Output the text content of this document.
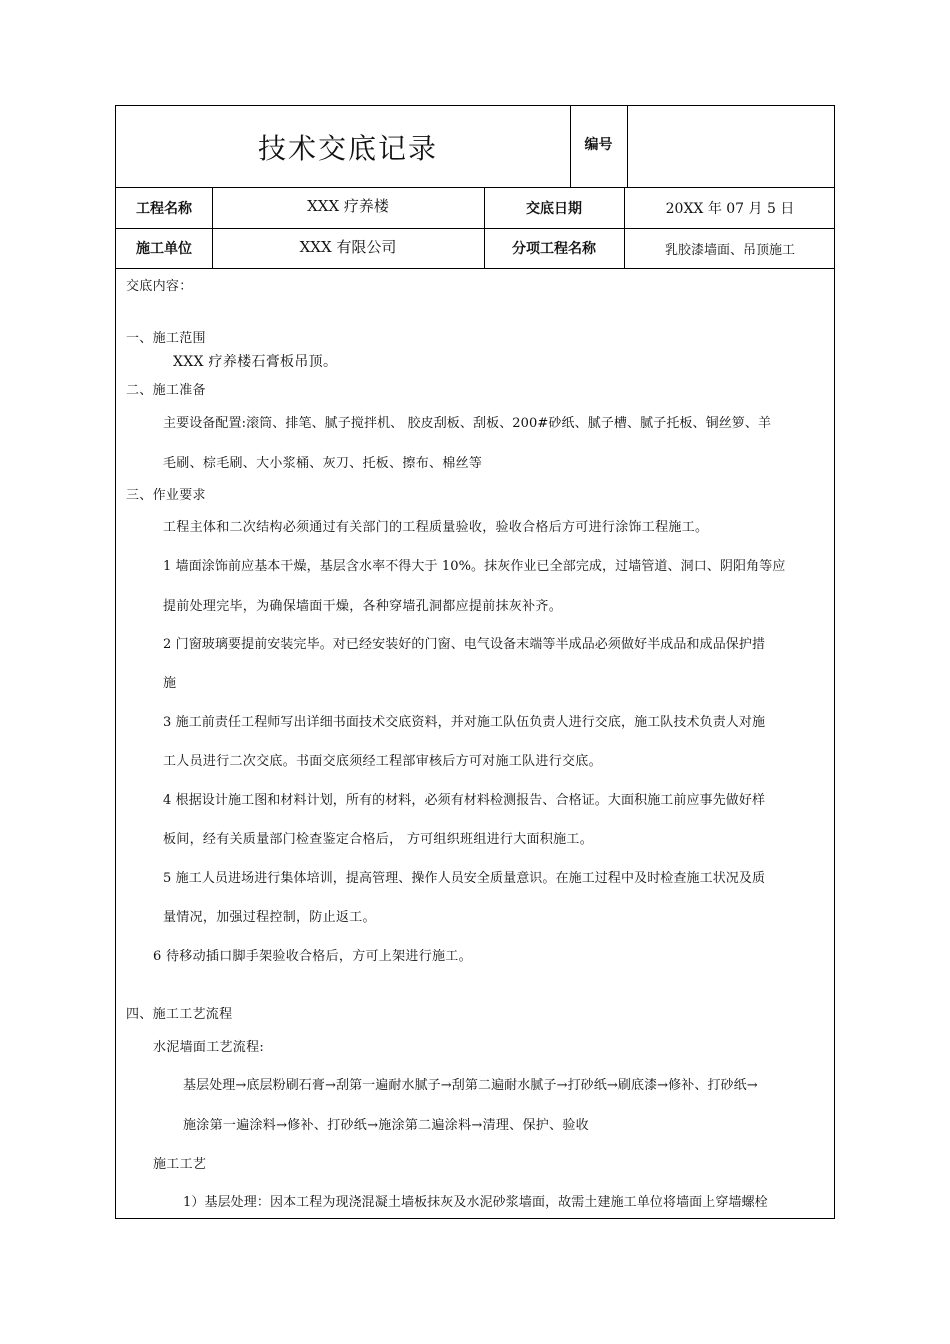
技术交底记录	编号
工程名称	XXX 疗养楼	交底日期	20XX 年 07 月 5 日
施工单位	XXX 有限公司	分项工程名称	乳胶漆墙面、吊顶施工
交底内容：
一、施工范围
XXX 疗养楼石膏板吊顶。
二、施工准备
主要设备配置:滚筒、排笔、腻子搅拌机、 胶皮刮板、刮板、200#砂纸、腻子槽、腻子托板、铜丝箩、羊
毛刷、棕毛刷、大小浆桶、灰刀、托板、擦布、棉丝等
三、作业要求
工程主体和二次结构必须通过有关部门的工程质量验收，验收合格后方可进行涂饰工程施工。
1 墙面涂饰前应基本干燥，基层含水率不得大于 10%。抹灰作业已全部完成，过墙管道、洞口、阴阳角等应
提前处理完毕，为确保墙面干燥，各种穿墙孔洞都应提前抹灰补齐。
2 门窗玻璃要提前安装完毕。对已经安装好的门窗、电气设备末端等半成品必须做好半成品和成品保护措
施
3 施工前责任工程师写出详细书面技术交底资料，并对施工队伍负责人进行交底，施工队技术负责人对施
工人员进行二次交底。书面交底须经工程部审核后方可对施工队进行交底。
4 根据设计施工图和材料计划，所有的材料，必须有材料检测报告、合格证。大面积施工前应事先做好样
板间，经有关质量部门检查鉴定合格后， 方可组织班组进行大面积施工。
5 施工人员进场进行集体培训，提高管理、操作人员安全质量意识。在施工过程中及时检查施工状况及质
量情况，加强过程控制，防止返工。
6 待移动插口脚手架验收合格后，方可上架进行施工。
四、施工工艺流程
水泥墙面工艺流程:
基层处理→底层粉刷石膏→刮第一遍耐水腻子→刮第二遍耐水腻子→打砂纸→刷底漆→修补、打砂纸→
施涂第一遍涂料→修补、打砂纸→施涂第二遍涂料→清理、保护、验收
施工工艺
1）基层处理：因本工程为现浇混凝土墙板抹灰及水泥砂浆墙面，故需土建施工单位将墙面上穿墙螺栓
